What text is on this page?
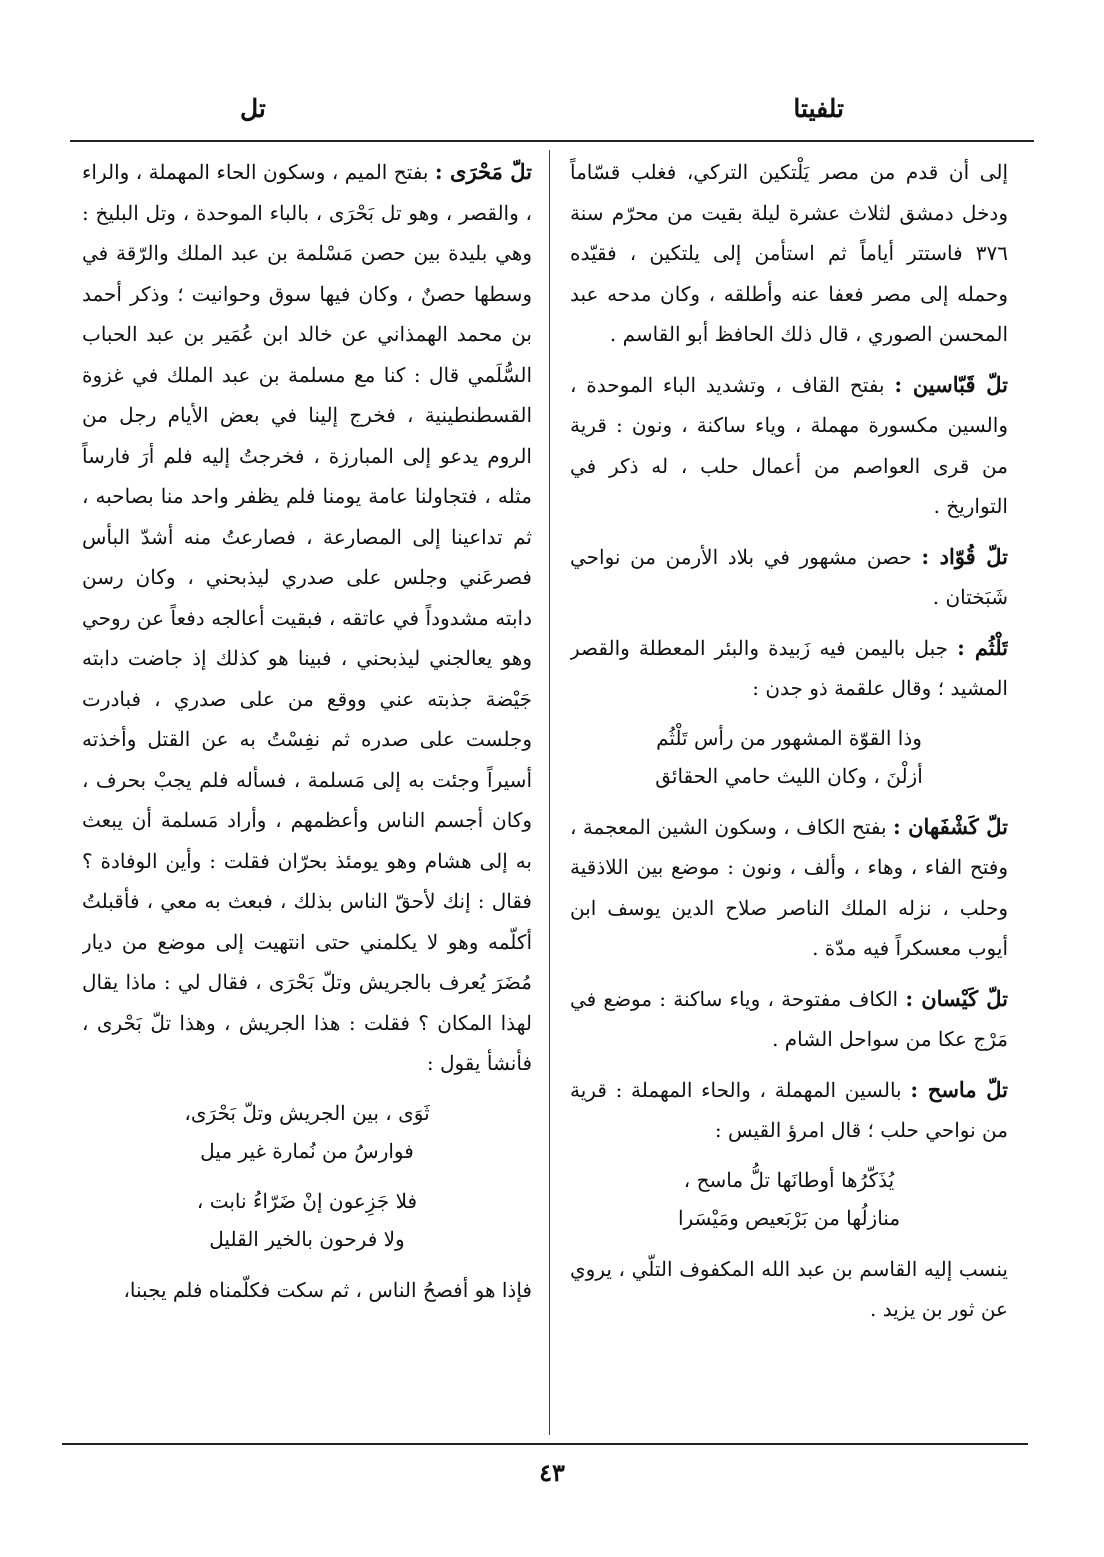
تلفيتا
تل

إلى أن قدم من مصر يَلْتكين التركي، فغلب قسّاماً ودخل دمشق لثلاث عشرة ليلة بقيت من محرّم سنة ٣٧٦ فاستتر أياماً ثم استأمن إلى يلتكين ، فقيّده وحمله إلى مصر فعفا عنه وأطلقه ، وكان مدحه عبد المحسن الصوري ، قال ذلك الحافظ أبو القاسم .

تلّ قَبّاسين : بفتح القاف ، وتشديد الباء الموحدة ، والسين مكسورة مهملة ، وياء ساكنة ، ونون : قرية من قرى العواصم من أعمال حلب ، له ذكر في التواريخ .

تلّ قُوّاد : حصن مشهور في بلاد الأرمن من نواحي شَبَختان .

تَلْثُم : جبل باليمن فيه زَبيدة والبئر المعطلة والقصر المشيد ؛ وقال علقمة ذو جدن :

وذا القوّة المشهور من رأس تَلْثُم
أزلْنَ ، وكان الليث حامي الحقائق

تلّ كَشْفَهان : بفتح الكاف ، وسكون الشين المعجمة ، وفتح الفاء ، وهاء ، وألف ، ونون : موضع بين اللاذقية وحلب ، نزله الملك الناصر صلاح الدين يوسف ابن أيوب معسكراً فيه مدّة .

تلّ كَيْسان : الكاف مفتوحة ، وياء ساكنة : موضع في مَرْج عكا من سواحل الشام .

تلّ ماسح : بالسين المهملة ، والحاء المهملة : قرية من نواحي حلب ؛ قال امرؤ القيس :

يُذَكّرُها أوطانَها تلُّ ماسح ،
منازلُها من بَرْبَعيص ومَيْسَرا

ينسب إليه القاسم بن عبد الله المكفوف التلّي ، يروي عن ثور بن يزيد .

تلّ مَحْرَى : بفتح الميم ، وسكون الحاء المهملة ، والراء ، والقصر ، وهو تل بَحْرَى ، بالباء الموحدة ، وتل البليخ : وهي بليدة بين حصن مَسْلمة بن عبد الملك والرّقة في وسطها حصنٌ ، وكان فيها سوق وحوانيت ؛ وذكر أحمد بن محمد الهمذاني عن خالد ابن عُمَير بن عبد الحباب السُّلَمي قال : كنا مع مسلمة بن عبد الملك في غزوة القسطنطينية ، فخرج إلينا في بعض الأيام رجل من الروم يدعو إلى المبارزة ، فخرجتُ إليه فلم أرَ فارساً مثله ، فتجاولنا عامة يومنا فلم يظفر واحد منا بصاحبه ، ثم تداعينا إلى المصارعة ، فصارعتُ منه أشدّ البأس فصرعَني وجلس على صدري ليذبحني ، وكان رسن دابته مشدوداً في عاتقه ، فبقيت أعالجه دفعاً عن روحي وهو يعالجني ليذبحني ، فبينا هو كذلك إذ جاضت دابته جَيْضة جذبته عني ووقع من على صدري ، فبادرت وجلست على صدره ثم نفِسْتُ به عن القتل وأخذته أسيراً وجئت به إلى مَسلمة ، فسأله فلم يجبْ بحرف ، وكان أجسم الناس وأعظمهم ، وأراد مَسلمة أن يبعث به إلى هشام وهو يومئذ بحرّان فقلت : وأين الوفادة ؟ فقال : إنك لأحقّ الناس بذلك ، فبعث به معي ، فأقبلتُ أكلّمه وهو لا يكلمني حتى انتهيت إلى موضع من ديار مُضَرَ يُعرف بالجريش وتلّ بَحْرَى ، فقال لي : ماذا يقال لهذا المكان ؟ فقلت : هذا الجريش ، وهذا تلّ بَحْرى ، فأنشأ يقول :

ثَوَى ، بين الجريش وتلّ بَحْرَى،
فوارسُ من نُمارة غير ميل
فلا جَزِعون إنْ ضَرّاءُ نابت ،
ولا فرحون بالخير القليل

فإذا هو أفصحُ الناس ، ثم سكت فكلّمناه فلم يجبنا،

٤٣
